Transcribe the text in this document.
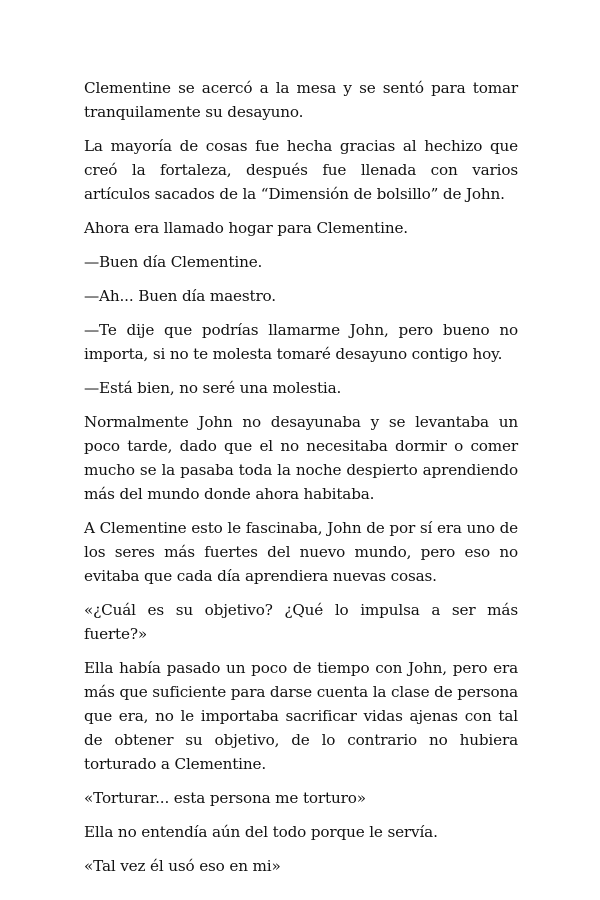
Clementine se acercó a la mesa y se sentó para tomar tranquilamente su desayuno.

La mayoría de cosas fue hecha gracias al hechizo que creó la fortaleza, después fue llenada con varios artículos sacados de la “Dimensión de bolsillo” de John.

Ahora era llamado hogar para Clementine.

—Buen día Clementine.

—Ah... Buen día maestro.

—Te dije que podrías llamarme John, pero bueno no importa, si no te molesta tomaré desayuno contigo hoy.

—Está bien, no seré una molestia.

Normalmente John no desayunaba y se levantaba un poco tarde, dado que el no necesitaba dormir o comer mucho se la pasaba toda la noche despierto aprendiendo más del mundo donde ahora habitaba.

A Clementine esto le fascinaba, John de por sí era uno de los seres más fuertes del nuevo mundo, pero eso no evitaba que cada día aprendiera nuevas cosas.

«¿Cuál es su objetivo? ¿Qué lo impulsa a ser más fuerte?»

Ella había pasado un poco de tiempo con John, pero era más que suficiente para darse cuenta la clase de persona que era, no le importaba sacrificar vidas ajenas con tal de obtener su objetivo, de lo contrario no hubiera torturado a Clementine.

«Torturar... esta persona me torturo»

Ella no entendía aún del todo porque le servía.

«Tal vez él usó eso en mi»
